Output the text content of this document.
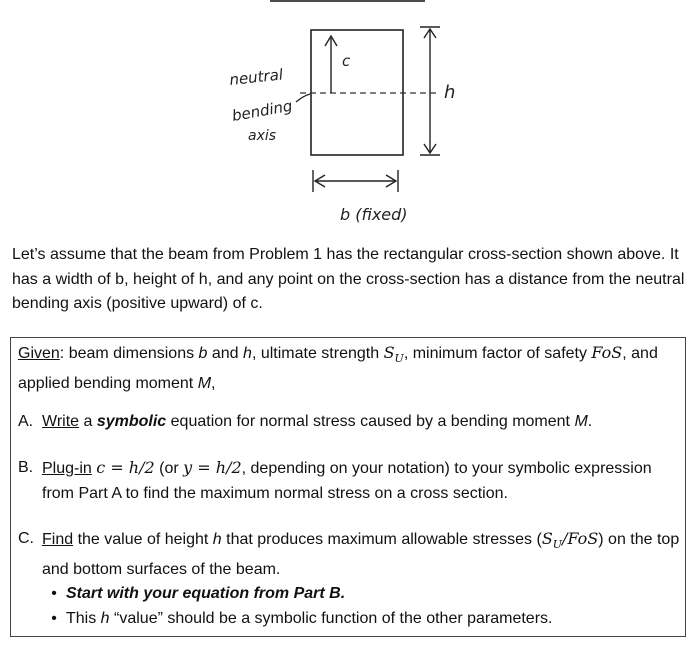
c
h
b (fixed)
neutral
bending
axis
Let’s assume that the beam from Problem 1 has the rectangular cross-section shown above. It has a width of b, height of h, and any point on the cross-section has a distance from the neutral bending axis (positive upward) of c.
Given: beam dimensions b and h, ultimate strength $S_U$, minimum factor of safety FoS, and applied bending moment M,
A. Write a symbolic equation for normal stress caused by a bending moment M.
B. Plug-in c = h/2 (or y = h/2, depending on your notation) to your symbolic expression from Part A to find the maximum normal stress on a cross section.
C. Find the value of height h that produces maximum allowable stresses $(S_U/FoS)$ on the top and bottom surfaces of the beam.
• Start with your equation from Part B.
• This h “value” should be a symbolic function of the other parameters.
